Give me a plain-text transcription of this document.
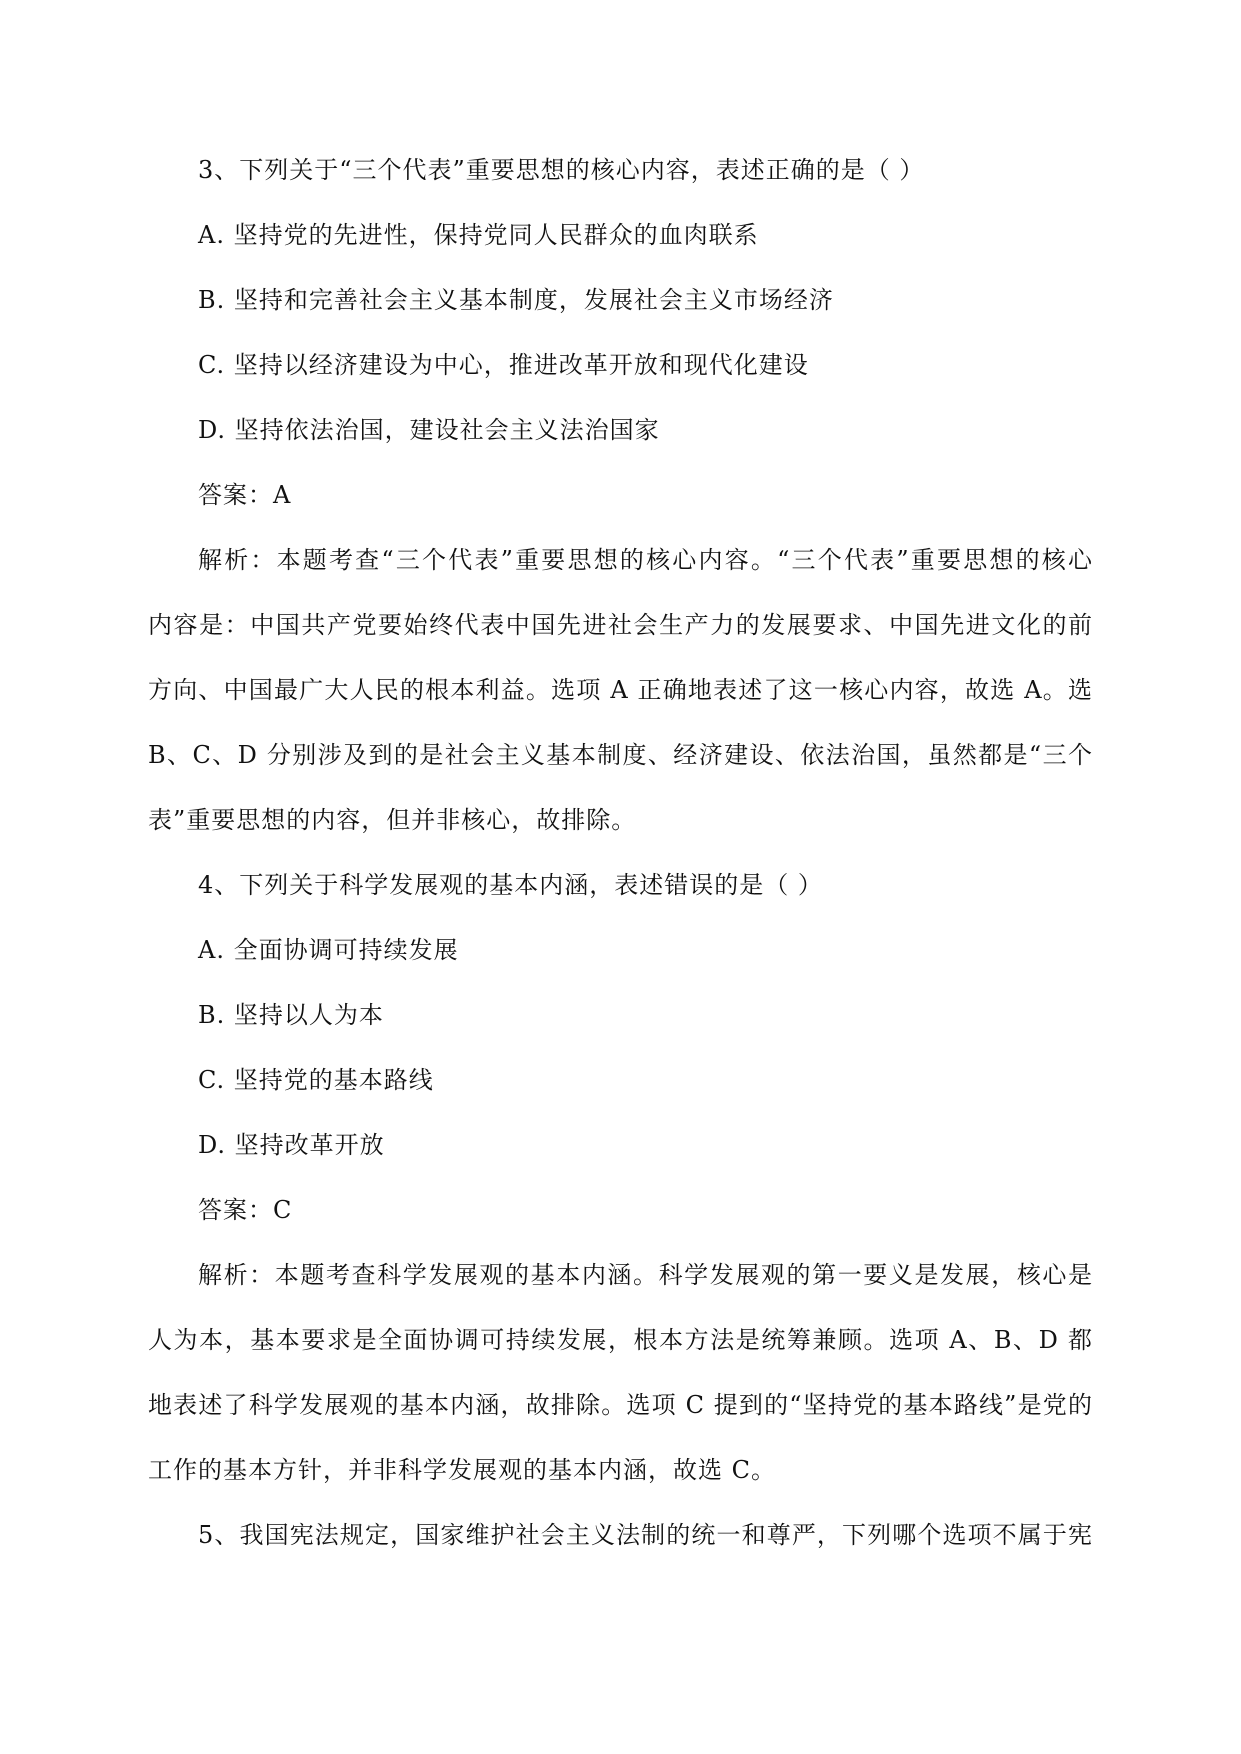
3、下列关于“三个代表”重要思想的核心内容，表述正确的是（ ）
A. 坚持党的先进性，保持党同人民群众的血肉联系
B. 坚持和完善社会主义基本制度，发展社会主义市场经济
C. 坚持以经济建设为中心，推进改革开放和现代化建设
D. 坚持依法治国，建设社会主义法治国家
答案：A
解析：本题考查“三个代表”重要思想的核心内容。“三个代表”重要思想的核心
内容是：中国共产党要始终代表中国先进社会生产力的发展要求、中国先进文化的前
方向、中国最广大人民的根本利益。选项 A 正确地表述了这一核心内容，故选 A。选
B、C、D 分别涉及到的是社会主义基本制度、经济建设、依法治国，虽然都是“三个
表”重要思想的内容，但并非核心，故排除。
4、下列关于科学发展观的基本内涵，表述错误的是（ ）
A. 全面协调可持续发展
B. 坚持以人为本
C. 坚持党的基本路线
D. 坚持改革开放
答案：C
解析：本题考查科学发展观的基本内涵。科学发展观的第一要义是发展，核心是
人为本，基本要求是全面协调可持续发展，根本方法是统筹兼顾。选项 A、B、D 都
地表述了科学发展观的基本内涵，故排除。选项 C 提到的“坚持党的基本路线”是党的
工作的基本方针，并非科学发展观的基本内涵，故选 C。
5、我国宪法规定，国家维护社会主义法制的统一和尊严，下列哪个选项不属于宪
